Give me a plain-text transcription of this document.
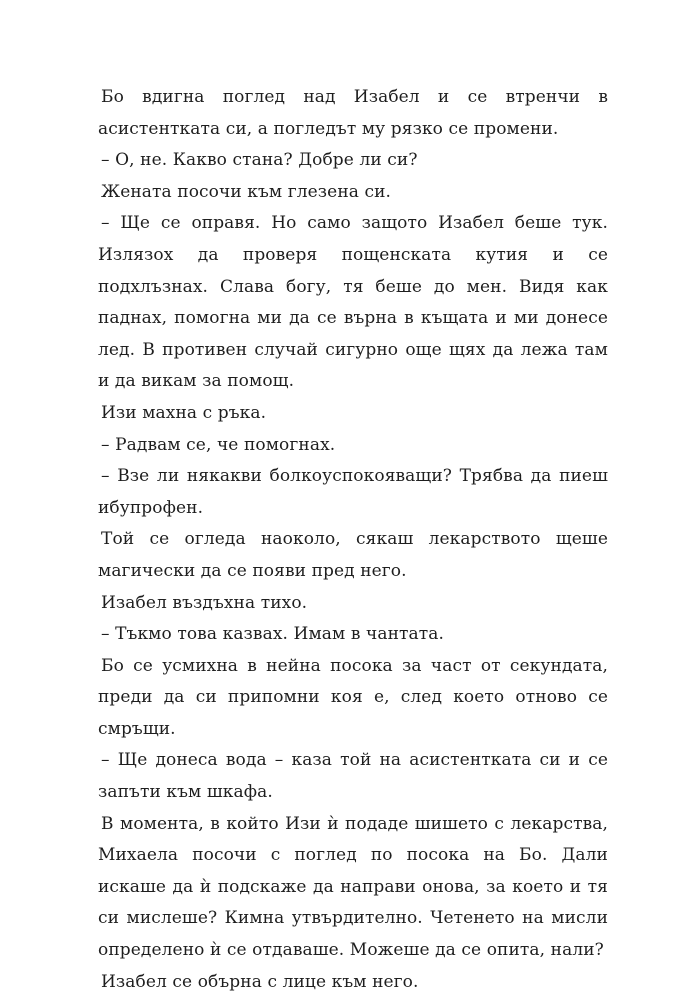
Бо вдигна поглед над Изабел и се втренчи в асистентката си, а погледът му рязко се промени.

– О, не. Какво стана? Добре ли си?

Жената посочи към глезена си.

– Ще се оправя. Но само защото Изабел беше тук. Излязох да проверя пощенската кутия и се подхлъзнах. Слава богу, тя беше до мен. Видя как паднах, помогна ми да се върна в къщата и ми донесе лед. В противен случай сигурно още щях да лежа там и да викам за помощ.

Изи махна с ръка.

– Радвам се, че помогнах.

– Взе ли някакви болкоуспокояващи? Трябва да пиеш ибупрофен.

Той се огледа наоколо, сякаш лекарството щеше магически да се появи пред него.

Изабел въздъхна тихо.

– Тъкмо това казвах. Имам в чантата.

Бо се усмихна в нейна посока за част от секундата, преди да си припомни коя е, след което отново се смръщи.

– Ще донеса вода – каза той на асистентката си и се запъти към шкафа.

В момента, в който Изи ѝ подаде шишето с лекарства, Михаела посочи с поглед по посока на Бо. Дали искаше да ѝ подскаже да направи онова, за което и тя си мислеше? Кимна утвърдително. Четенето на мисли определено ѝ се отдаваше. Можеше да се опита, нали?

Изабел се обърна с лице към него.
